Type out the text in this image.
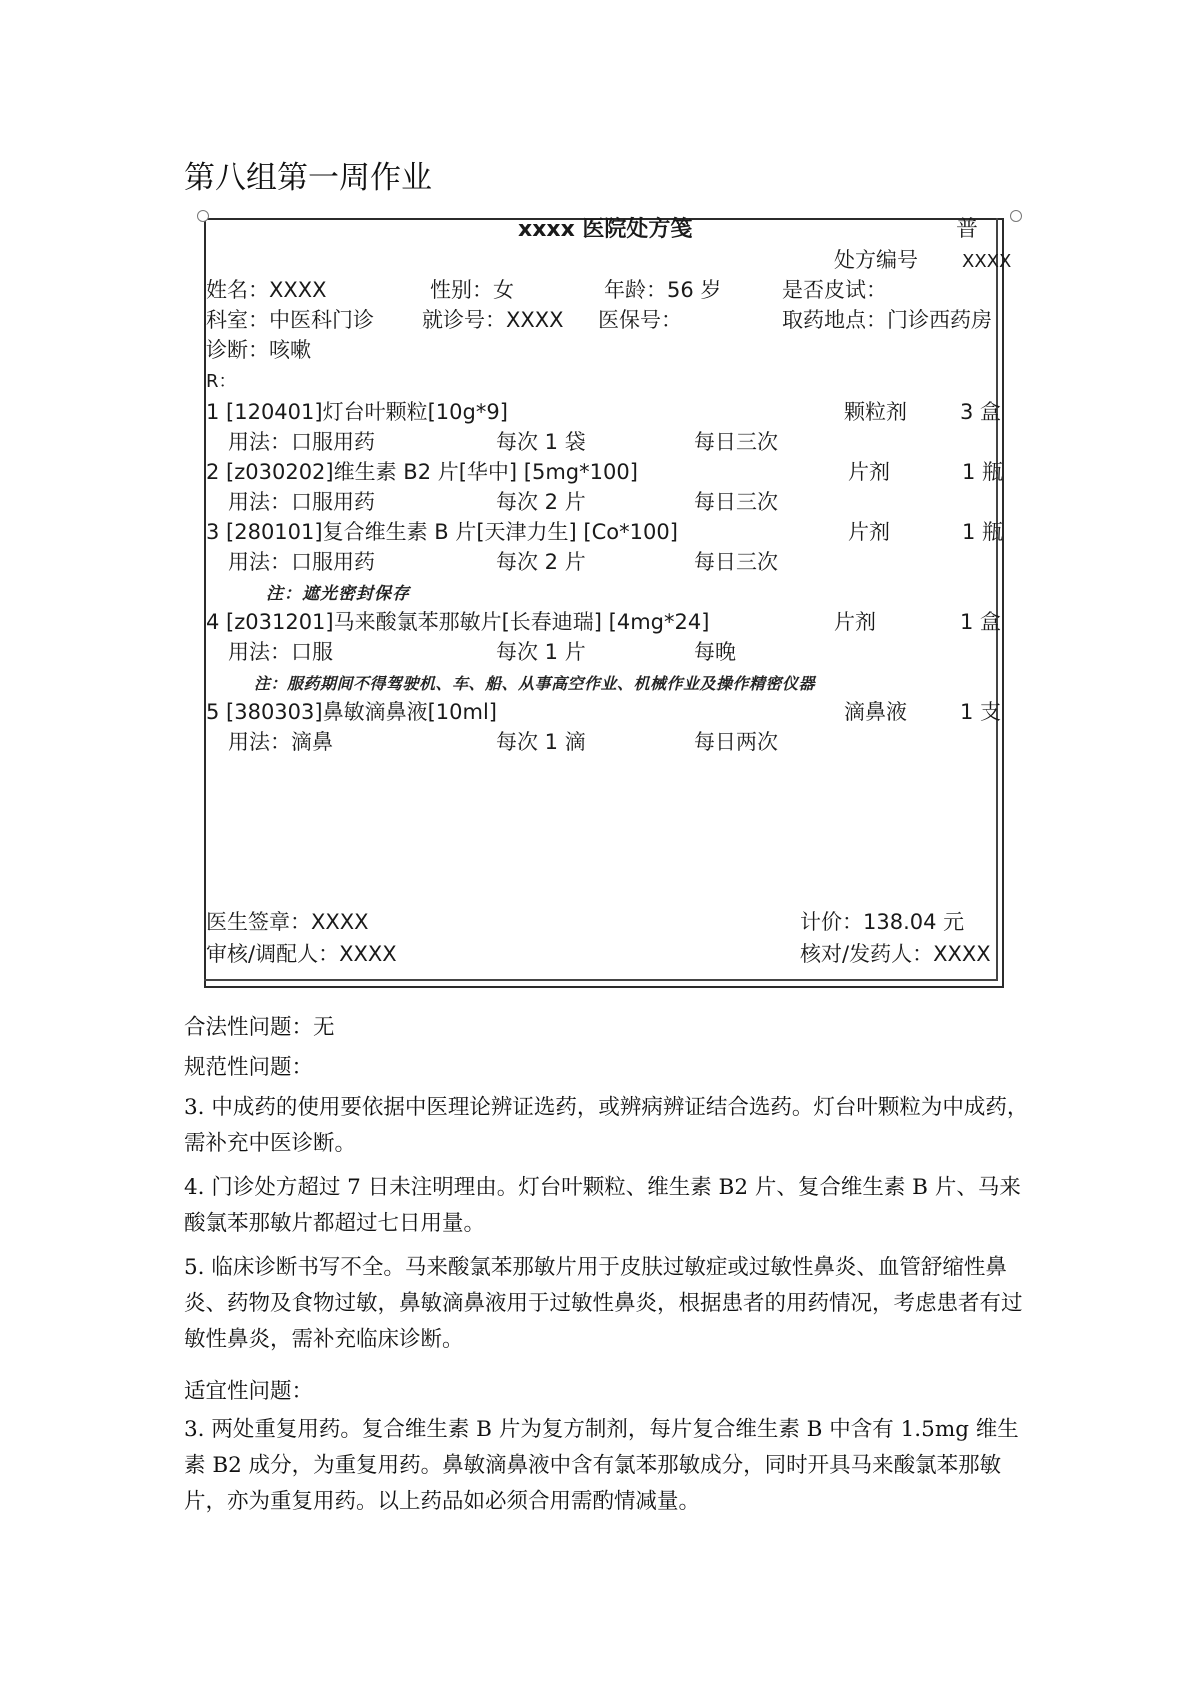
第八组第一周作业
xxxx 医院处方笺	普
处方编号 XXXX
姓名：XXXX	性别：女	年龄：56 岁	是否皮试：
科室：中医科门诊 就诊号：XXXX 医保号：	取药地点：门诊西药房
诊断：咳嗽
R：
1 [120401]灯台叶颗粒[10g*9]	颗粒剂	3 盒
用法：口服用药	每次 1 袋	每日三次
2 [z030202]维生素 B2 片[华中] [5mg*100]	片剂	1 瓶
用法：口服用药	每次 2 片	每日三次
3 [280101]复合维生素 B 片[天津力生] [Co*100]	片剂	1 瓶
用法：口服用药	每次 2 片	每日三次
注：遮光密封保存
4 [z031201]马来酸氯苯那敏片[长春迪瑞] [4mg*24]	片剂	1 盒
用法：口服	每次 1 片	每晚
注：服药期间不得驾驶机、车、船、从事高空作业、机械作业及操作精密仪器
5 [380303]鼻敏滴鼻液[10ml]	滴鼻液	1 支
用法：滴鼻	每次 1 滴	每日两次
医生签章：XXXX	计价：138.04 元
审核/调配人：XXXX	核对/发药人：XXXX
合法性问题：无
规范性问题：
3. 中成药的使用要依据中医理论辨证选药，或辨病辨证结合选药。灯台叶颗粒为中成药，需补充中医诊断。
4. 门诊处方超过 7 日未注明理由。灯台叶颗粒、维生素 B2 片、复合维生素 B 片、马来酸氯苯那敏片都超过七日用量。
5. 临床诊断书写不全。马来酸氯苯那敏片用于皮肤过敏症或过敏性鼻炎、血管舒缩性鼻炎、药物及食物过敏，鼻敏滴鼻液用于过敏性鼻炎，根据患者的用药情况，考虑患者有过敏性鼻炎，需补充临床诊断。
适宜性问题：
3. 两处重复用药。复合维生素 B 片为复方制剂，每片复合维生素 B 中含有 1.5mg 维生素 B2 成分，为重复用药。鼻敏滴鼻液中含有氯苯那敏成分，同时开具马来酸氯苯那敏片，亦为重复用药。以上药品如必须合用需酌情减量。
